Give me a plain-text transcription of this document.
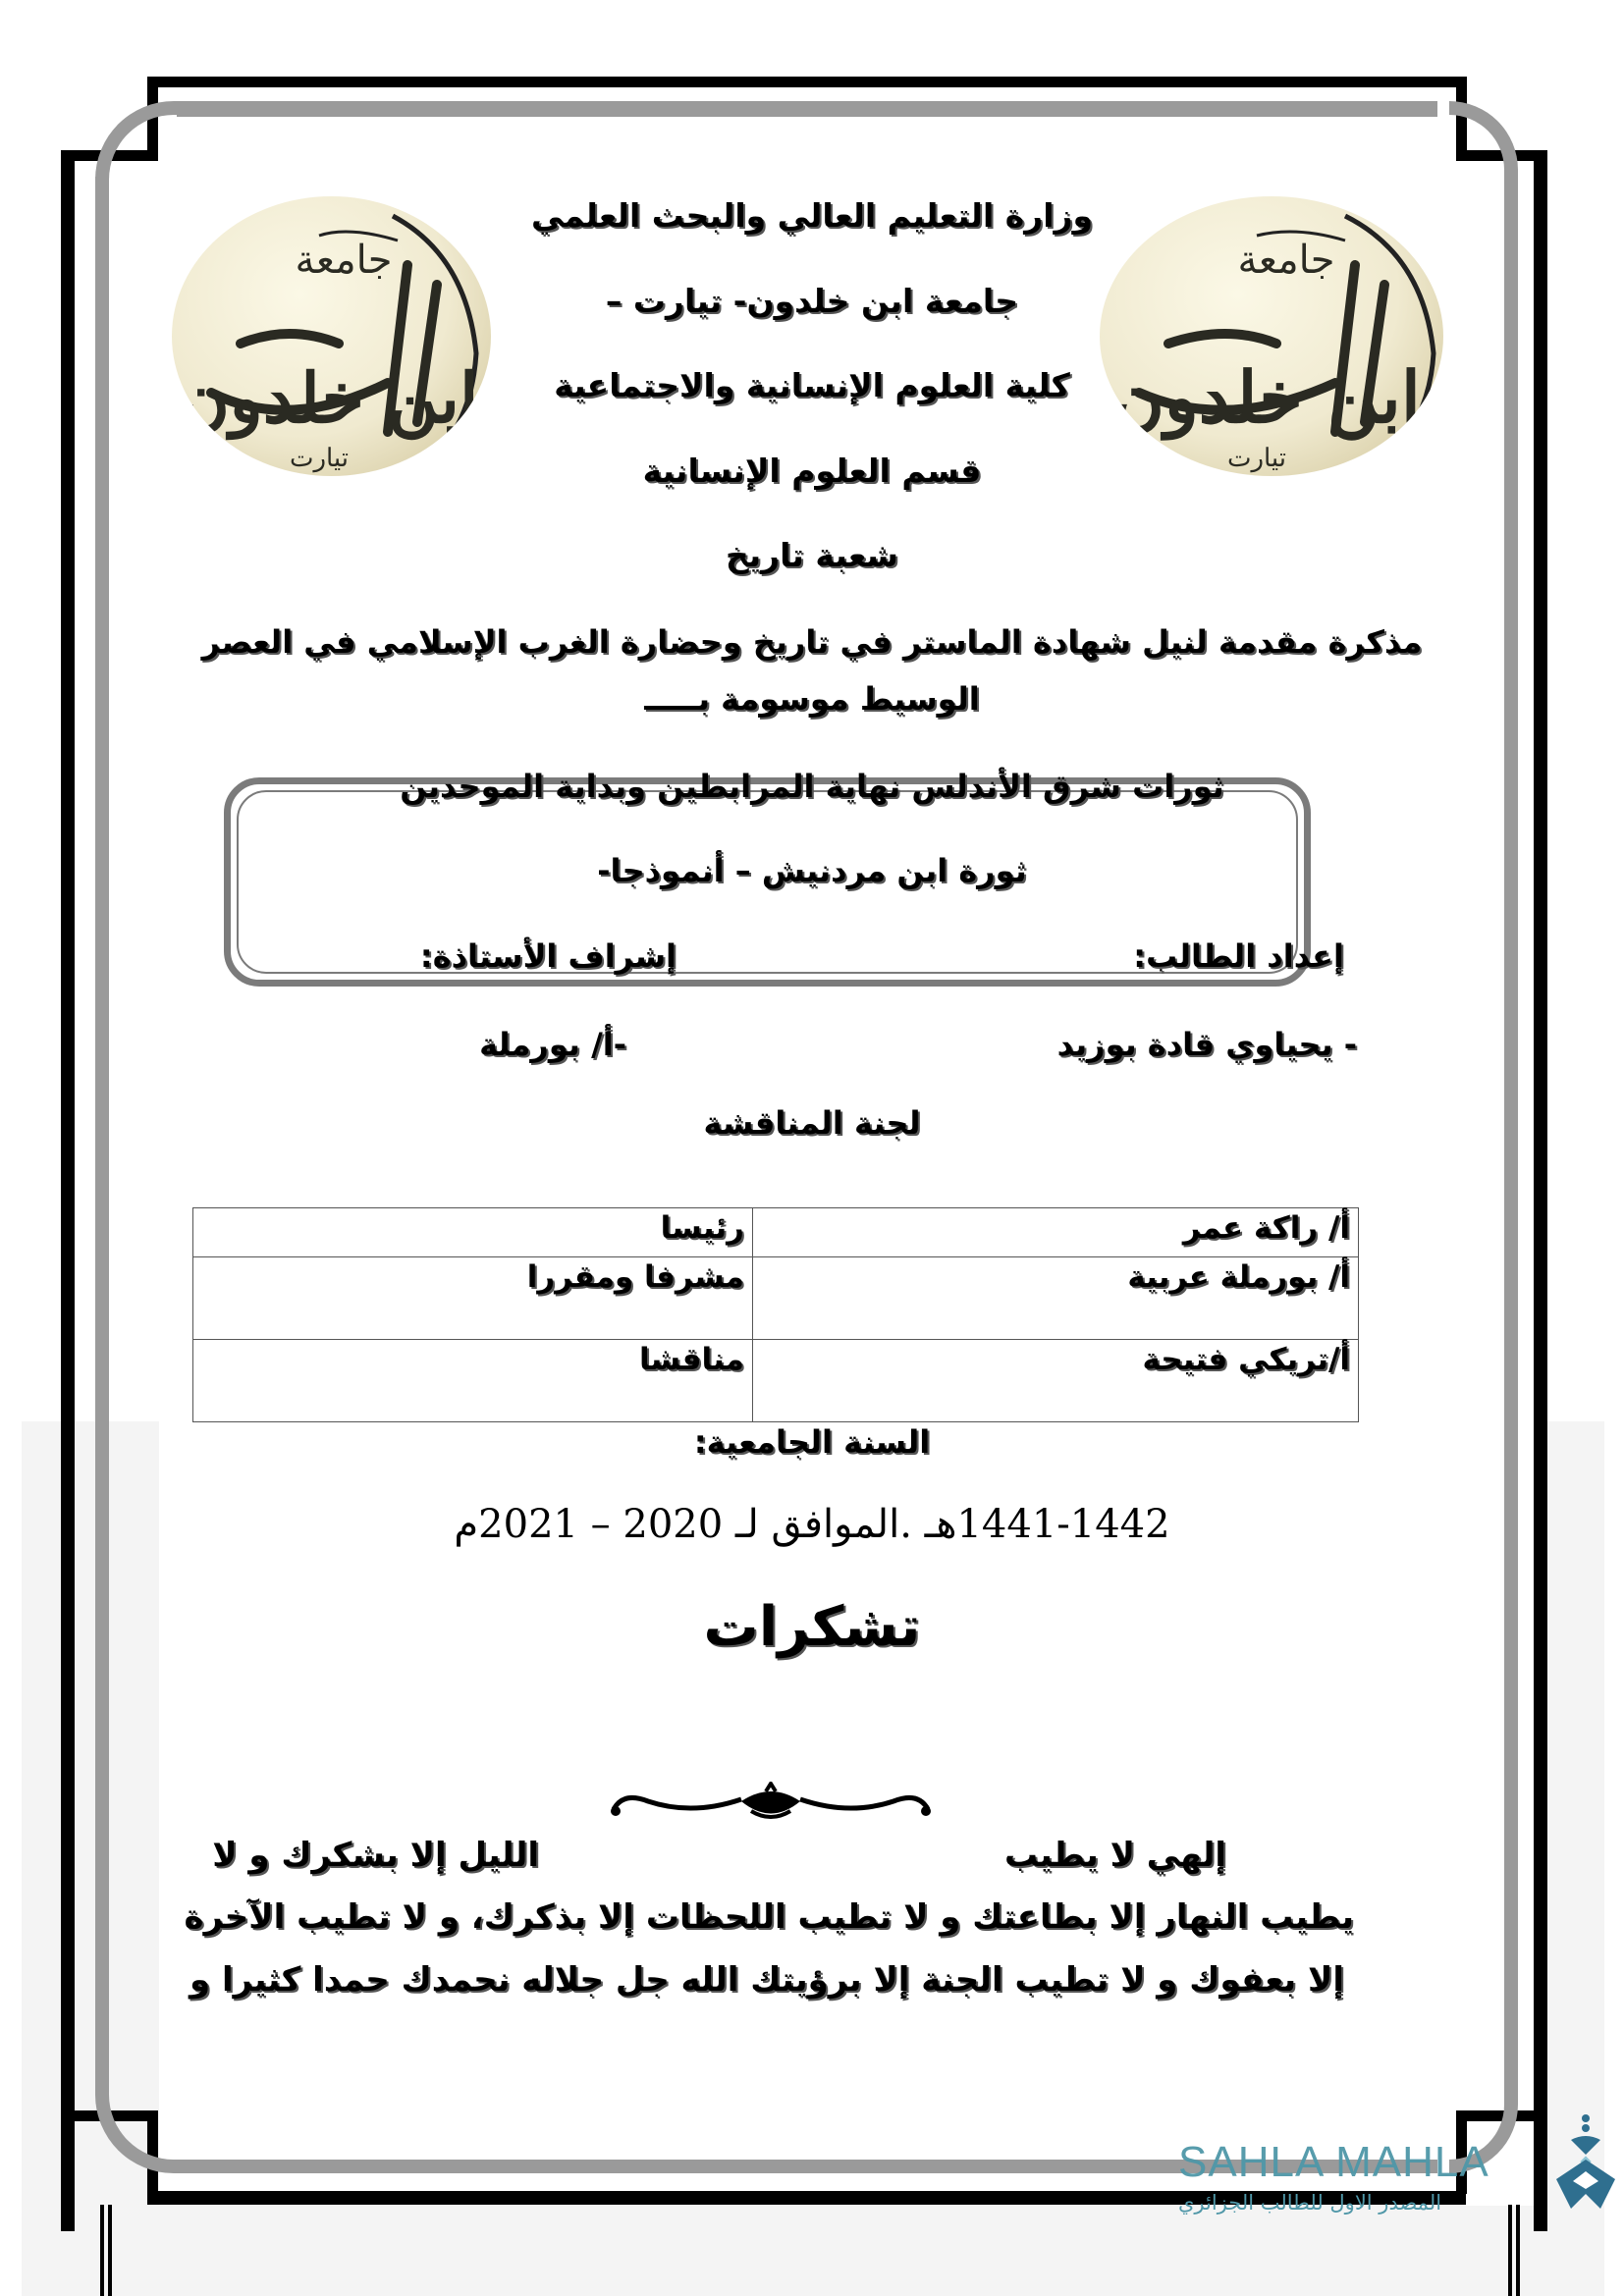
جامعة
ابن خلدون
تيارت
جامعة
ابن خلدون
تيارت
وزارة التعليم العالي والبحث العلمي
جامعة ابن خلدون- تيارت –
كلية العلوم الإنسانية والاجتماعية
قسم العلوم الإنسانية
شعبة تاريخ
مذكرة مقدمة لنيل شهادة الماستر في تاريخ وحضارة الغرب الإسلامي في العصر
الوسيط موسومة بـــــ
ثورات شرق الأندلس نهاية المرابطين وبداية الموحدين
ثورة ابن مردنيش – أنموذجا-
إعداد الطالب:
إشراف الأستاذة:
- يحياوي قادة بوزيد
-أ/ بورملة
لجنة المناقشة
أ/ راكة عمر	رئيسا
أ/ بورملة عربية	مشرفا ومقررا
أ/تريكي فتيحة	مناقشا
السنة الجامعية:
1441-1442هـ .الموافق لـ 2020 – 2021م
تشكرات
إلهي لا يطيب
الليل إلا بشكرك و لا
يطيب النهار إلا بطاعتك و لا تطيب اللحظات إلا بذكرك، و لا تطيب الآخرة
إلا بعفوك و لا تطيب الجنة إلا برؤيتك الله جل جلاله نحمدك حمدا كثيرا و
SAHLA MAHLA
المصدر الاول للطالب الجزائري
